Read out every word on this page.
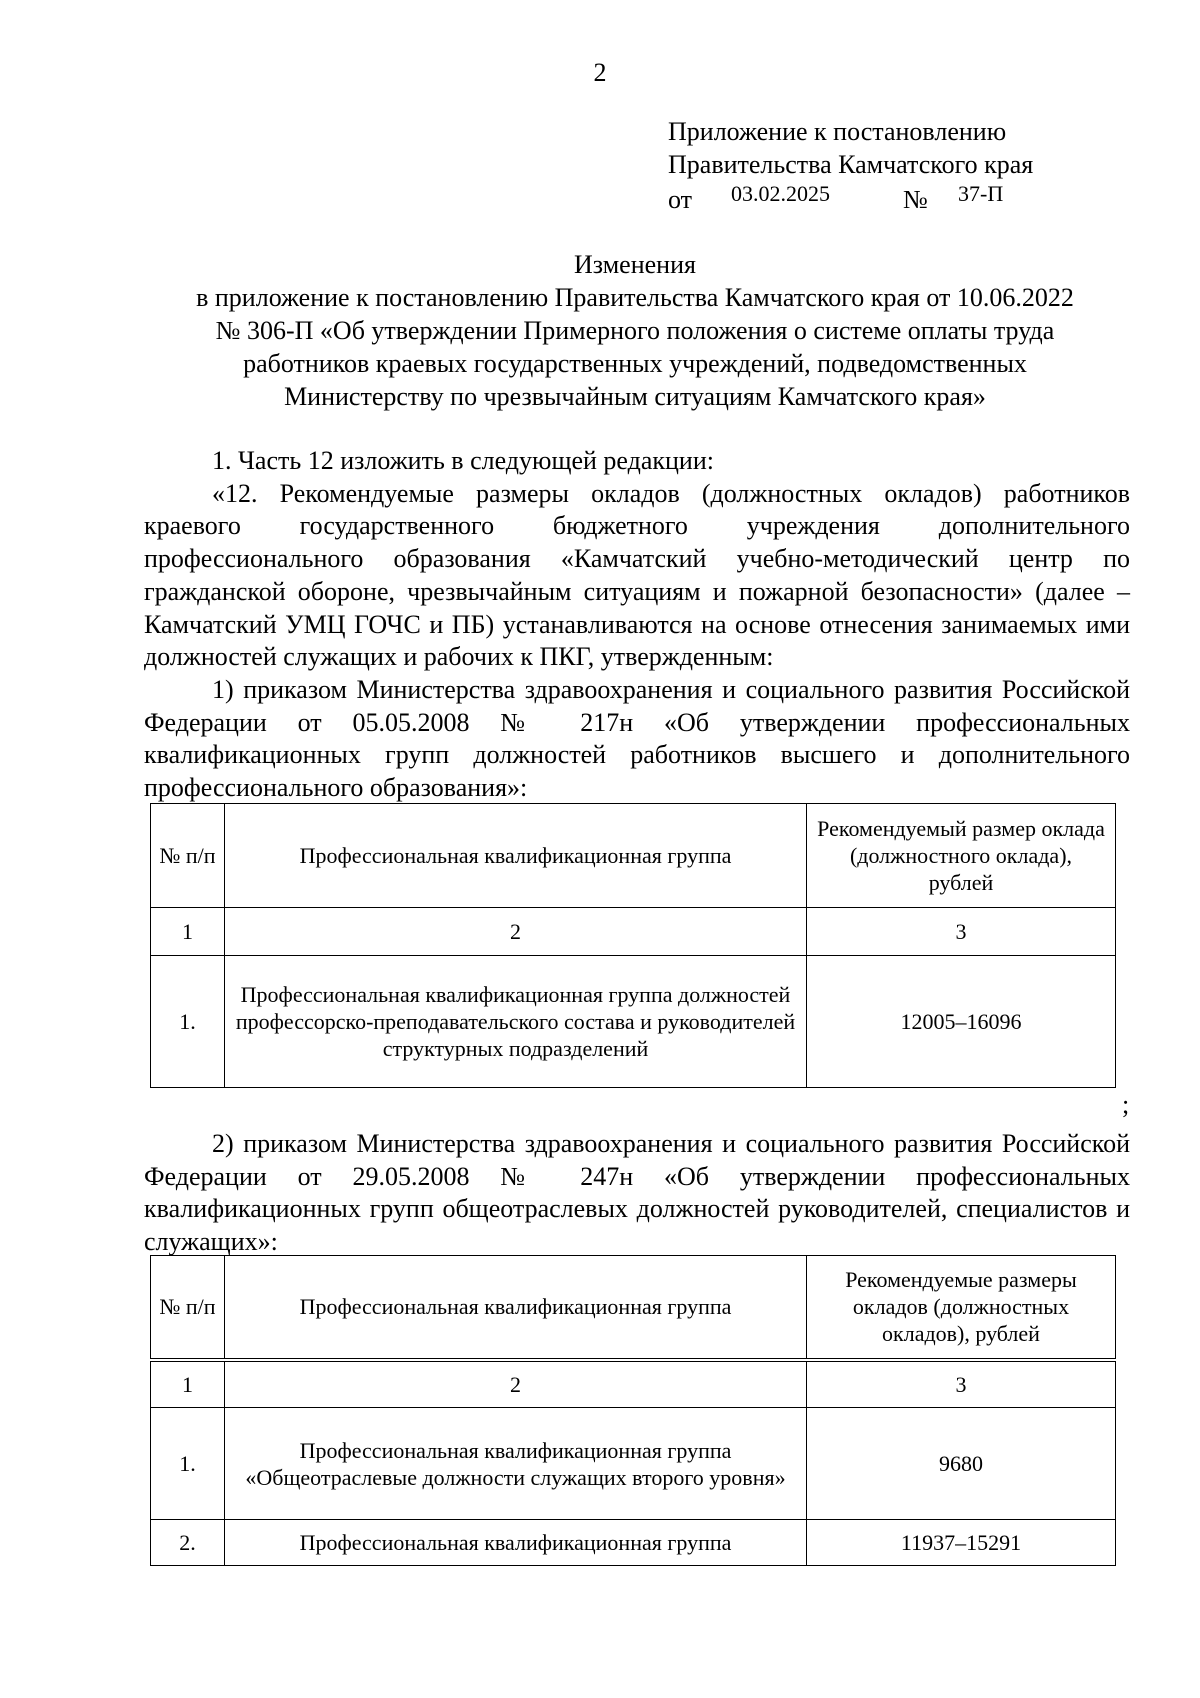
2
Приложение к постановлению
Правительства Камчатского края
от 03.02.2025	№ 37-П
Изменения
в приложение к постановлению Правительства Камчатского края от 10.06.2022
№ 306-П «Об утверждении Примерного положения о системе оплаты труда
работников краевых государственных учреждений, подведомственных
Министерству по чрезвычайным ситуациям Камчатского края»

1. Часть 12 изложить в следующей редакции:

«12. Рекомендуемые размеры окладов (должностных окладов) работников краевого государственного бюджетного учреждения дополнительного профессионального образования «Камчатский учебно-методический центр по гражданской обороне, чрезвычайным ситуациям и пожарной безопасности» (далее – Камчатский УМЦ ГОЧС и ПБ) устанавливаются на основе отнесения занимаемых ими должностей служащих и рабочих к ПКГ, утвержденным:

1) приказом Министерства здравоохранения и социального развития Российской Федерации от 05.05.2008 № 217н «Об утверждении профессиональных квалификационных групп должностей работников высшего и дополнительного профессионального образования»:

№ п/п	Профессиональная квалификационная группа	Рекомендуемый размер оклада (должностного оклада), рублей
1	2	3
1.	Профессиональная квалификационная группа должностей профессорско-преподавательского состава и руководителей структурных подразделений	12005–16096
;

2) приказом Министерства здравоохранения и социального развития Российской Федерации от 29.05.2008 № 247н «Об утверждении профессиональных квалификационных групп общеотраслевых должностей руководителей, специалистов и служащих»:

№ п/п	Профессиональная квалификационная группа	Рекомендуемые размеры окладов (должностных окладов), рублей
1	2	3
1.	Профессиональная квалификационная группа «Общеотраслевые должности служащих второго уровня»	9680
2.	Профессиональная квалификационная группа	11937–15291
